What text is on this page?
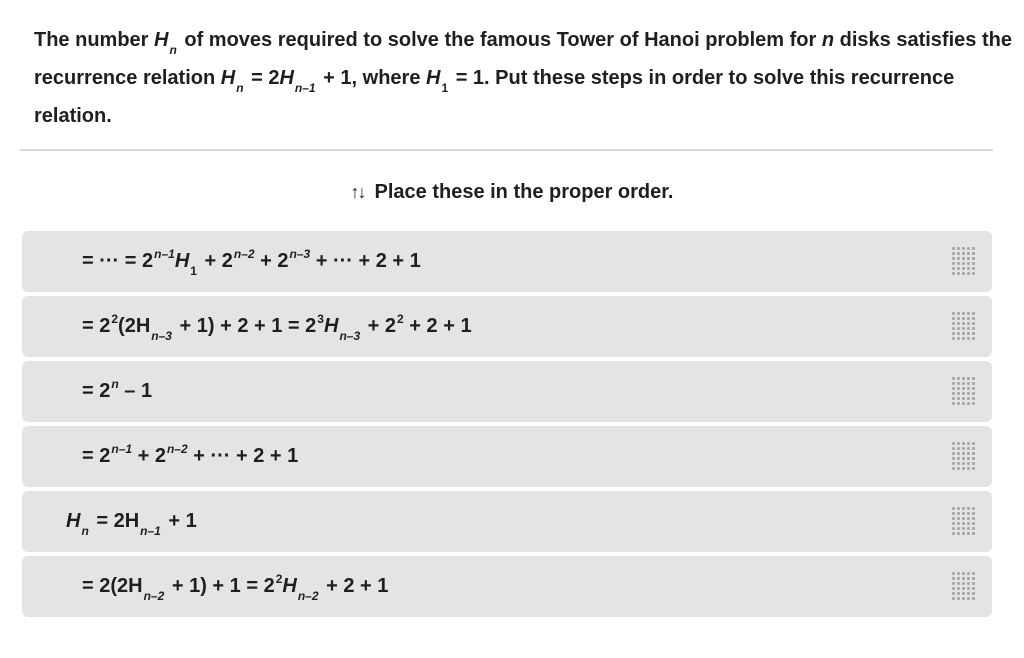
The number $H_n$ of moves required to solve the famous Tower of Hanoi problem for n disks satisfies the recurrence relation $H_n = 2H_{n-1} + 1$, where $H_1 = 1$. Put these steps in order to solve this recurrence relation.
↑↓ Place these in the proper order.
= ··· = $2^{n-1}H_1 + 2^{n-2} + 2^{n-3}$ + ··· + 2 + 1
= $2^2(2H_{n-3} + 1) + 2 + 1 = 2^3H_{n-3} + 2^2 + 2 + 1$
= $2^n - 1$
= $2^{n-1} + 2^{n-2}$ + ··· + 2 + 1
$H_n = 2H_{n-1} + 1$
= $2(2H_{n-2} + 1) + 1 = 2^2H_{n-2} + 2 + 1$
